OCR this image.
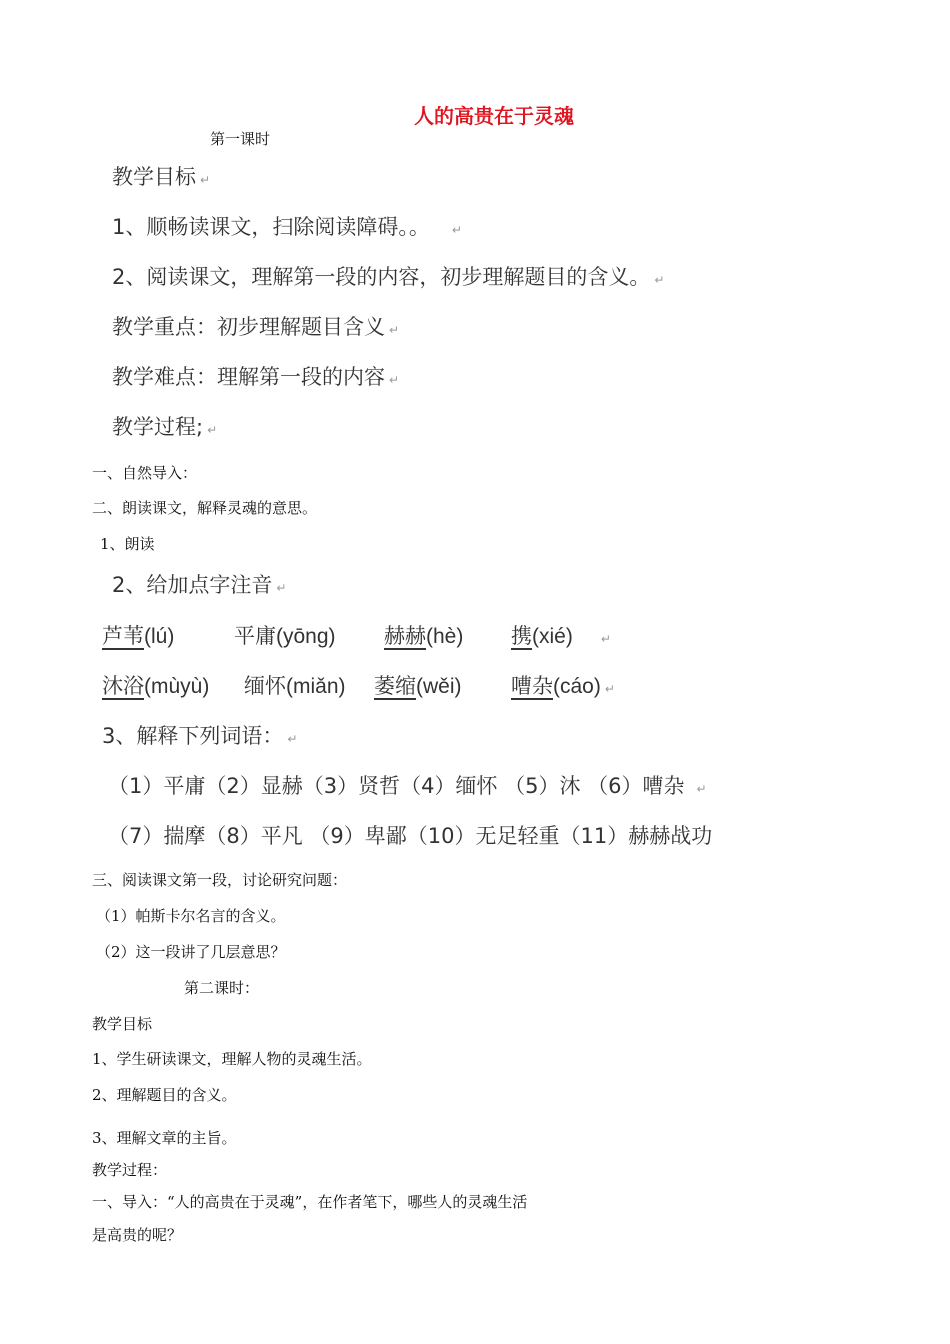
人的高贵在于灵魂
第一课时
教学目标 ↵
1、顺畅读课文，扫除阅读障碍。。 ↵
2、阅读课文，理解第一段的内容，初步理解题目的含义。 ↵
教学重点：初步理解题目含义 ↵
教学难点：理解第一段的内容 ↵
教学过程; ↵
一、自然导入：
二、朗读课文，解释灵魂的意思。
1、朗读
2、给加点字注音 ↵
芦苇(lú)	平庸(yōng) 赫赫(hè) 携(xié) ↵
沐浴(mùyù) 缅怀(miǎn) 萎缩(wěi) 嘈杂(cáo) ↵
3、解释下列词语： ↵
（1）平庸（2）显赫（3）贤哲（4）缅怀 （5）沐 （6）嘈杂 ↵
（7）揣摩（8）平凡 （9）卑鄙（10）无足轻重（11）赫赫战功
三、阅读课文第一段，讨论研究问题：
（1）帕斯卡尔名言的含义。
（2）这一段讲了几层意思？
第二课时：
教学目标
1、学生研读课文，理解人物的灵魂生活。
2、理解题目的含义。
3、理解文章的主旨。
教学过程：
一、导入：“人的高贵在于灵魂”，在作者笔下，哪些人的灵魂生活
是高贵的呢？
